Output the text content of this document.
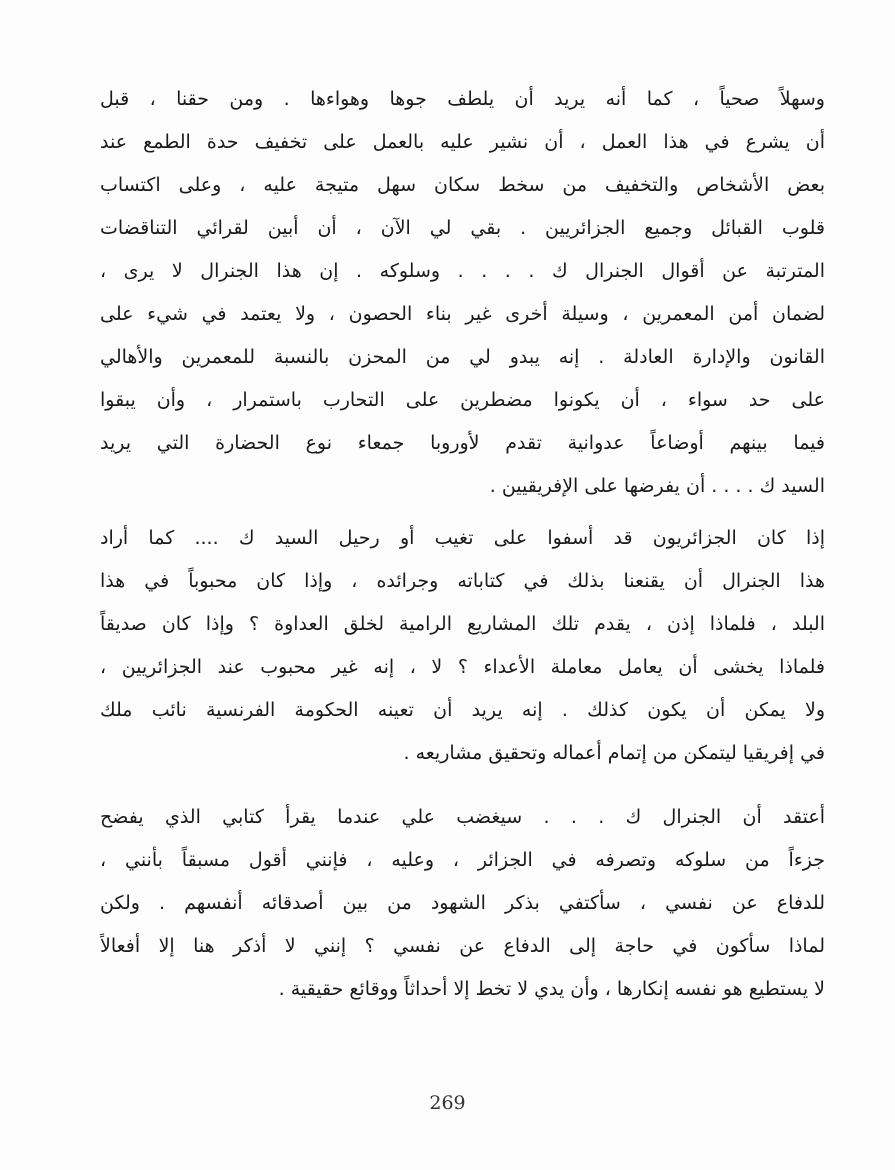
وسهلاً صحياً ، كما أنه يريد أن يلطف جوها وهواءها . ومن حقنا ، قبل
أن يشرع في هذا العمل ، أن نشير عليه بالعمل على تخفيف حدة الطمع عند
بعض الأشخاص والتخفيف من سخط سكان سهل متيجة عليه ، وعلى اكتساب
قلوب القبائل وجميع الجزائريين . بقي لي الآن ، أن أبين لقرائي التناقضات
المترتبة عن أقوال الجنرال ك . . . . وسلوكه . إن هذا الجنرال لا يرى ،
لضمان أمن المعمرين ، وسيلة أخرى غير بناء الحصون ، ولا يعتمد في شيء على
القانون والإدارة العادلة . إنه يبدو لي من المحزن بالنسبة للمعمرين والأهالي
على حد سواء ، أن يكونوا مضطرين على التحارب باستمرار ، وأن يبقوا
فيما بينهم أوضاعاً عدوانية تقدم لأوروبا جمعاء نوع الحضارة التي يريد
السيد ك . . . . أن يفرضها على الإفريقيين .
إذا كان الجزائريون قد أسفوا على تغيب أو رحيل السيد ك .... كما أراد
هذا الجنرال أن يقنعنا بذلك في كتاباته وجرائده ، وإذا كان محبوباً في هذا
البلد ، فلماذا إذن ، يقدم تلك المشاريع الرامية لخلق العداوة ؟ وإذا كان صديقاً
فلماذا يخشى أن يعامل معاملة الأعداء ؟ لا ، إنه غير محبوب عند الجزائريين ،
ولا يمكن أن يكون كذلك . إنه يريد أن تعينه الحكومة الفرنسية نائب ملك
في إفريقيا ليتمكن من إتمام أعماله وتحقيق مشاريعه .
أعتقد أن الجنرال ك . . . سيغضب علي عندما يقرأ كتابي الذي يفضح
جزءاً من سلوكه وتصرفه في الجزائر ، وعليه ، فإنني أقول مسبقاً بأنني ،
للدفاع عن نفسي ، سأكتفي بذكر الشهود من بين أصدقائه أنفسهم . ولكن
لماذا سأكون في حاجة إلى الدفاع عن نفسي ؟ إنني لا أذكر هنا إلا أفعالاً
لا يستطيع هو نفسه إنكارها ، وأن يدي لا تخط إلا أحداثاً ووقائع حقيقية .
269
